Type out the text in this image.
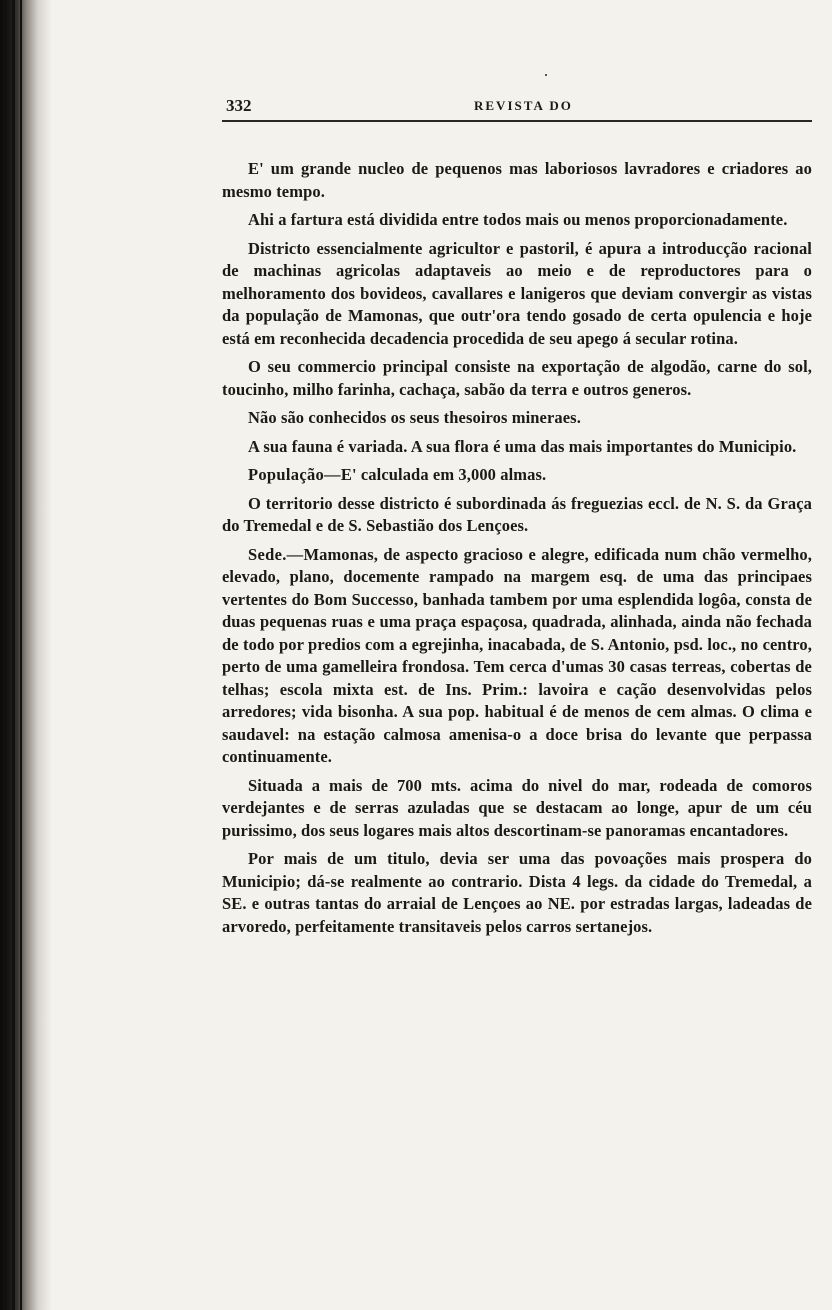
332	REVISTA DO

E' um grande nucleo de pequenos mas laboriosos lavradores e criadores ao mesmo tempo.

Ahi a fartura está dividida entre todos mais ou menos proporcionadamente.

Districto essencialmente agricultor e pastoril, é apura a introducção racional de machinas agricolas adaptaveis ao meio e de reproductores para o melhoramento dos bovideos, cavallares e lanigeros que deviam convergir as vistas da população de Mamonas, que outr'ora tendo gosado de certa opulencia e hoje está em reconhecida decadencia procedida de seu apego á secular rotina.

O seu commercio principal consiste na exportação de algodão, carne do sol, toucinho, milho farinha, cachaça, sabão da terra e outros generos.

Não são conhecidos os seus thesoiros mineraes.

A sua fauna é variada. A sua flora é uma das mais importantes do Municipio.

População—E' calculada em 3,000 almas.

O territorio desse districto é subordinada ás freguezias eccl. de N. S. da Graça do Tremedal e de S. Sebastião dos Lençoes.

Sede.—Mamonas, de aspecto gracioso e alegre, edificada num chão vermelho, elevado, plano, docemente rampado na margem esq. de uma das principaes vertentes do Bom Successo, banhada tambem por uma esplendida logôa, consta de duas pequenas ruas e uma praça espaçosa, quadrada, alinhada, ainda não fechada de todo por predios com a egrejinha, inacabada, de S. Antonio, psd. loc., no centro, perto de uma gamelleira frondosa. Tem cerca d'umas 30 casas terreas, cobertas de telhas; escola mixta est. de Ins. Prim.: lavoira e cação desenvolvidas pelos arredores; vida bisonha. A sua pop. habitual é de menos de cem almas. O clima e saudavel: na estação calmosa amenisa-o a doce brisa do levante que perpassa continuamente.

Situada a mais de 700 mts. acima do nivel do mar, rodeada de comoros verdejantes e de serras azuladas que se destacam ao longe, apur de um céu purissimo, dos seus logares mais altos descortinam-se panoramas encantadores.

Por mais de um titulo, devia ser uma das povoações mais prospera do Municipio; dá-se realmente ao contrario. Dista 4 legs. da cidade do Tremedal, a SE. e outras tantas do arraial de Lençoes ao NE. por estradas largas, ladeadas de arvoredo, perfeitamente transitaveis pelos carros sertanejos.
